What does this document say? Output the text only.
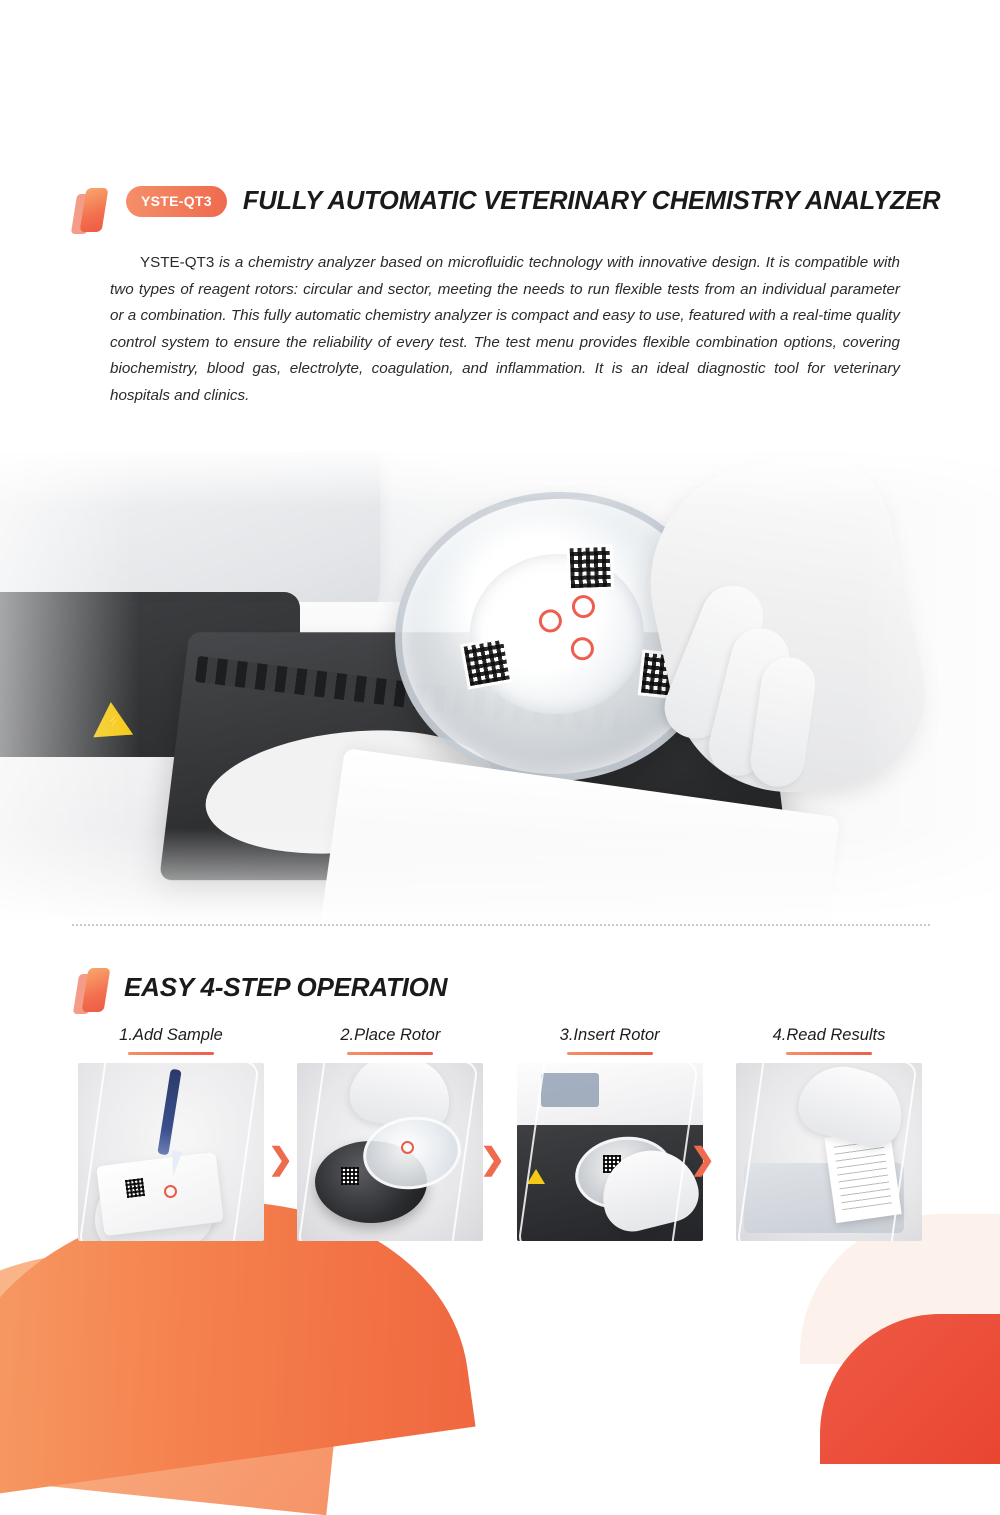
YSTE-QT3	FULLY AUTOMATIC VETERINARY CHEMISTRY ANALYZER
YSTE-QT3 is a chemistry analyzer based on microfluidic technology with innovative design. It is compatible with two types of reagent rotors: circular and sector, meeting the needs to run flexible tests from an individual parameter or a combination. This fully automatic chemistry analyzer is compact and easy to use, featured with a real-time quality control system to ensure the reliability of every test. The test menu provides flexible combination options, covering biochemistry, blood gas, electrolyte, coagulation, and inflammation. It is an ideal diagnostic tool for veterinary hospitals and clinics.
⚡
EASY 4-STEP OPERATION
1.Add Sample	2.Place Rotor	3.Insert Rotor	4.Read Results
❯	❯	❯
